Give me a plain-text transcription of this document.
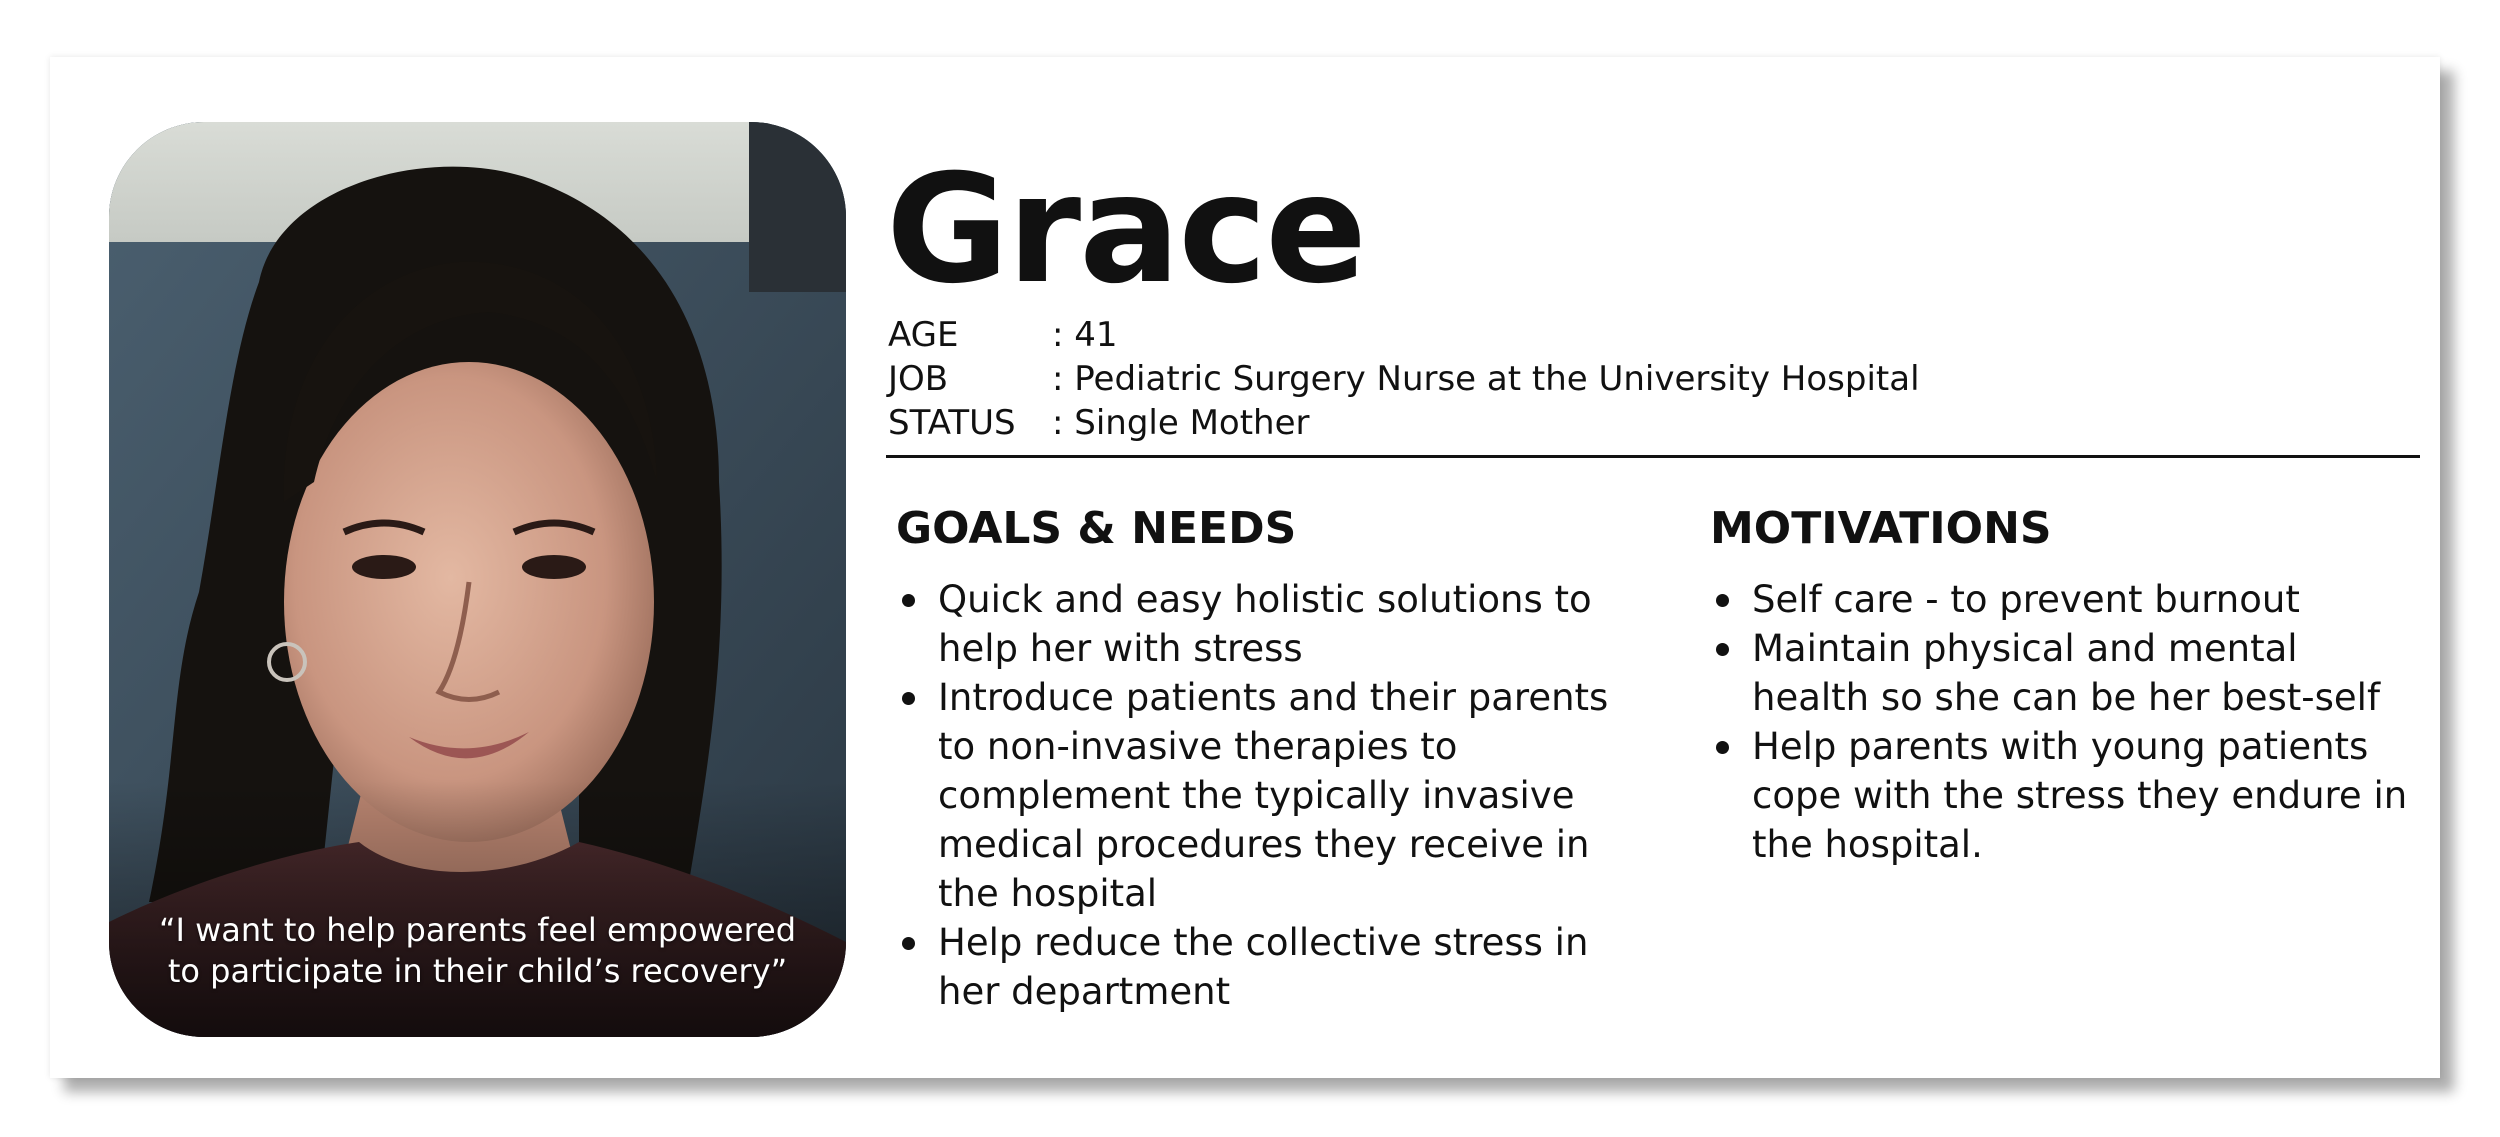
“I want to help parents feel empowered
to participate in their child’s recovery”
Grace
AGE	: 41
JOB	: Pediatric Surgery Nurse at the University Hospital
STATUS	: Single Mother
GOALS & NEEDS
Quick and easy holistic solutions to
help her with stress
Introduce patients and their parents
to non-invasive therapies to
complement the typically invasive
medical procedures they receive in
the hospital
Help reduce the collective stress in
her department
MOTIVATIONS
Self care - to prevent burnout
Maintain physical and mental
health so she can be her best-self
Help parents with young patients
cope with the stress they endure in
the hospital.
